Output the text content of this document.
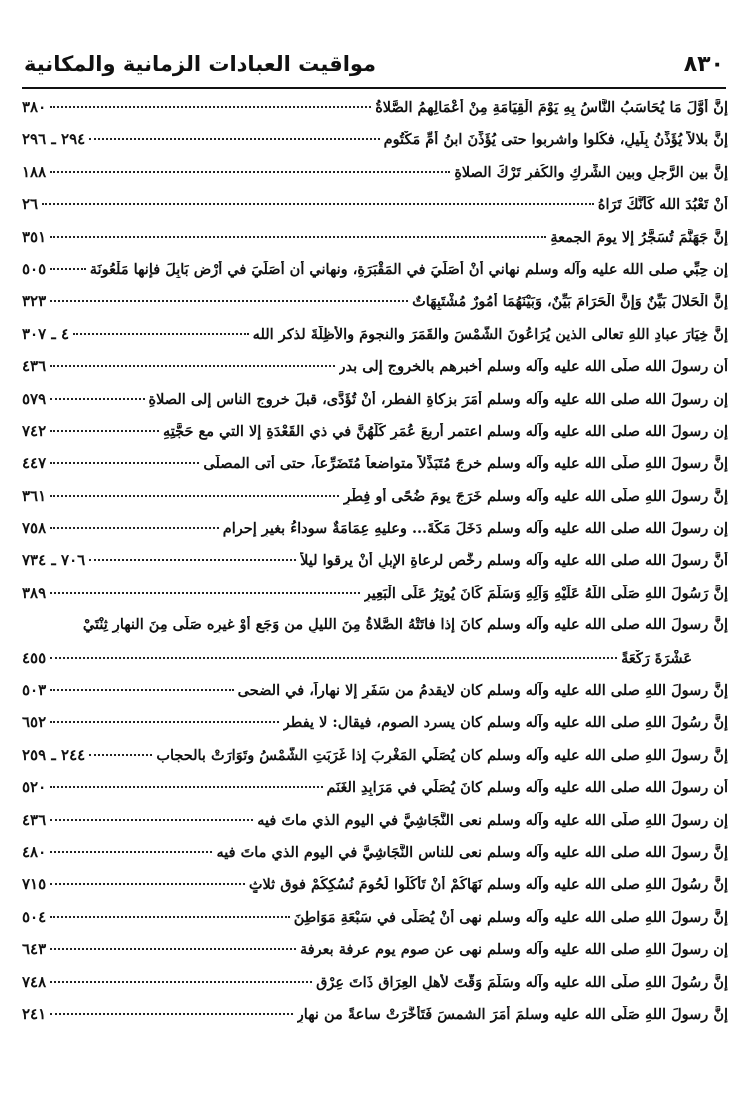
مواقيت العبادات الزمانية والمكانية	٨٣٠
إِنَّ أَوَّلَ مَا يُحَاسَبُ النَّاسُ بِهِ يَوْمَ الْقِيَامَةِ مِنْ أَعْمَالِهِمُ الصَّلاةُ
٣٨٠
إِنَّ بلالاً يُؤَذِّنُ بِلَيلٍ، فكُلوا واشربوا حتى يُؤَذِّنَ ابنُ أُمِّ مَكْتُومٍ
٢٩٤ ـ ٢٩٦
إِنَّ بين الرَّجلِ وبين الشِّركِ والكُفرِ تَرْكَ الصلاةِ
١٨٨
أَنْ تَعْبُدَ الله كَأَنَّكَ تَرَاهُ
٢٦
إِنَّ جَهَنَّمَ تُسَجَّرُ إلا يومَ الجمعةِ
٣٥١
إِن حِبِّي صلى الله عليه وآله وسلم نهاني أَنْ أُصَلِّيَ في المَقْبَرَةِ، ونهاني أن أُصَلِّيَ في أَرْضِ بَابِلَ فإنها مَلْعُونَة
٥٠٥
إِنَّ الْحَلالَ بَيِّنٌ وَإِنَّ الْحَرَامَ بَيِّنٌ، وَبَيْنَهُمَا أُمُورٌ مُشْتَبِهَاتٌ
٣٢٣
إِنَّ خِيَارَ عبادِ اللهِ تعالى الذين يُرَاعُونَ الشَّمْسَ والقَمَرَ والنجومَ والأَظِلَّةَ لذكر الله
٤ ـ ٣٠٧
أن رسولَ الله صلّى الله عليه وآله وسلم أخبرهم بالخروج إلى بدر
٤٣٦
إن رسولَ الله صلى الله عليه وآله وسلم أَمَرَ بزكاةِ الفطر، أَنْ تُؤَدَّى، قبلَ خروج الناس إلى الصلاةِ
٥٧٩
إن رسولَ الله صلى الله عليه وآله وسلم اعتمر أربعَ عُمَرٍ كُلُّهُنَّ في ذي القَعْدَةِ إلا التي مع حَجَّتِهِ
٧٤٢
إِنَّ رسولَ اللهِ صلّى الله عليه وآله وسلم خرجَ مُتَبَذِّلاً متواضعاً مُتَضَرِّعاً، حتى أتى المصلّى
٤٤٧
إِنَّ رسولَ اللهِ صلّى الله عليه وآله وسلم خَرَجَ يومَ ضُحًى أو فِطْرٍ
٣٦١
إن رسولَ الله صلى الله عليه وآله وسلم دَخَلَ مَكَّةَ... وعليهِ عِمَامَةٌ سوداءُ بغيرِ إحرام
٧٥٨
أَنَّ رسولَ الله صلى الله عليه وآله وسلم رخَّص لرعاةِ الإبلِ أَنْ يرقوا ليلاً
٧٠٦ ـ ٧٣٤
إِنَّ رَسُولَ اللهِ صَلَّى اللَّهُ عَلَيْهِ وَآلِهِ وَسَلَّمَ كَانَ يُوتِرُ عَلَى الْبَعِيرِ
٣٨٩
إِنَّ رسولَ الله صلى الله عليه وآله وسلم كانَ إذا فاتَتْهُ الصَّلاةُ مِنَ الليلِ من وَجَعٍ أَوْ غيرِه صَلَّى مِنَ النهارِ ثِنْتَيْ
عَشْرَةَ رَكْعَةً
٤٥٥
إِنَّ رسولَ اللهِ صلى الله عليه وآله وسلم كان لايقدمُ من سَفَرٍ إلا نهاراً، في الضحى
٥٠٣
إِنَّ رسُولَ اللهِ صلى الله عليه وآله وسلم كان يسرد الصوم، فيقال: لا يفطر
٦٥٢
إِنَّ رسولَ اللهِ صلى الله عليه وآله وسلم كان يُصَلِّي المَغْرِبَ إذا غَرَبَتِ الشَّمْسُ وتَوَارَتْ بالحجاب
٢٤٤ ـ ٢٥٩
أن رسولَ الله صلى الله عليه وآله وسلم كانَ يُصَلِّي في مَرَابِدِ الغَنَمِ
٥٢٠
إن رسولَ اللهِ صلّى الله عليه وآله وسلم نعى النَّجَاشِيَّ في اليومِ الذي ماتَ فيه
٤٣٦
إِنَّ رسولَ الله صلى الله عليه وآله وسلم نعى للناسِ النَّجَاشِيَّ في اليوم الذي ماتَ فيه
٤٨٠
إِنَّ رسُولَ اللهِ صلى الله عليه وآله وسلم نَهَاكُمْ أَنْ تَأْكُلُوا لُحُومَ نُسُكِكُمْ فوق ثلاثٍ
٧١٥
إِنَّ رسولَ اللهِ صلى الله عليه وآله وسلم نهى أَنْ يُصَلَّى في سَبْعَةِ مَوَاطِنَ
٥٠٤
إن رسولَ اللهِ صلى الله عليه وآله وسلم نهى عن صوم يوم عرفة بعرفة
٦٤٣
إِنَّ رسُولَ اللهِ صلّى الله عليه وآله وسَلَّمَ وَقَّتَ لأهلِ العِرَاقِ ذَاتَ عِرْقٍ
٧٤٨
إِنَّ رسولَ اللهِ صَلّى الله عليه وسلمَ أَمَرَ الشمسَ فَتَأَخَّرَتْ ساعةً من نهارٍ
٢٤١
